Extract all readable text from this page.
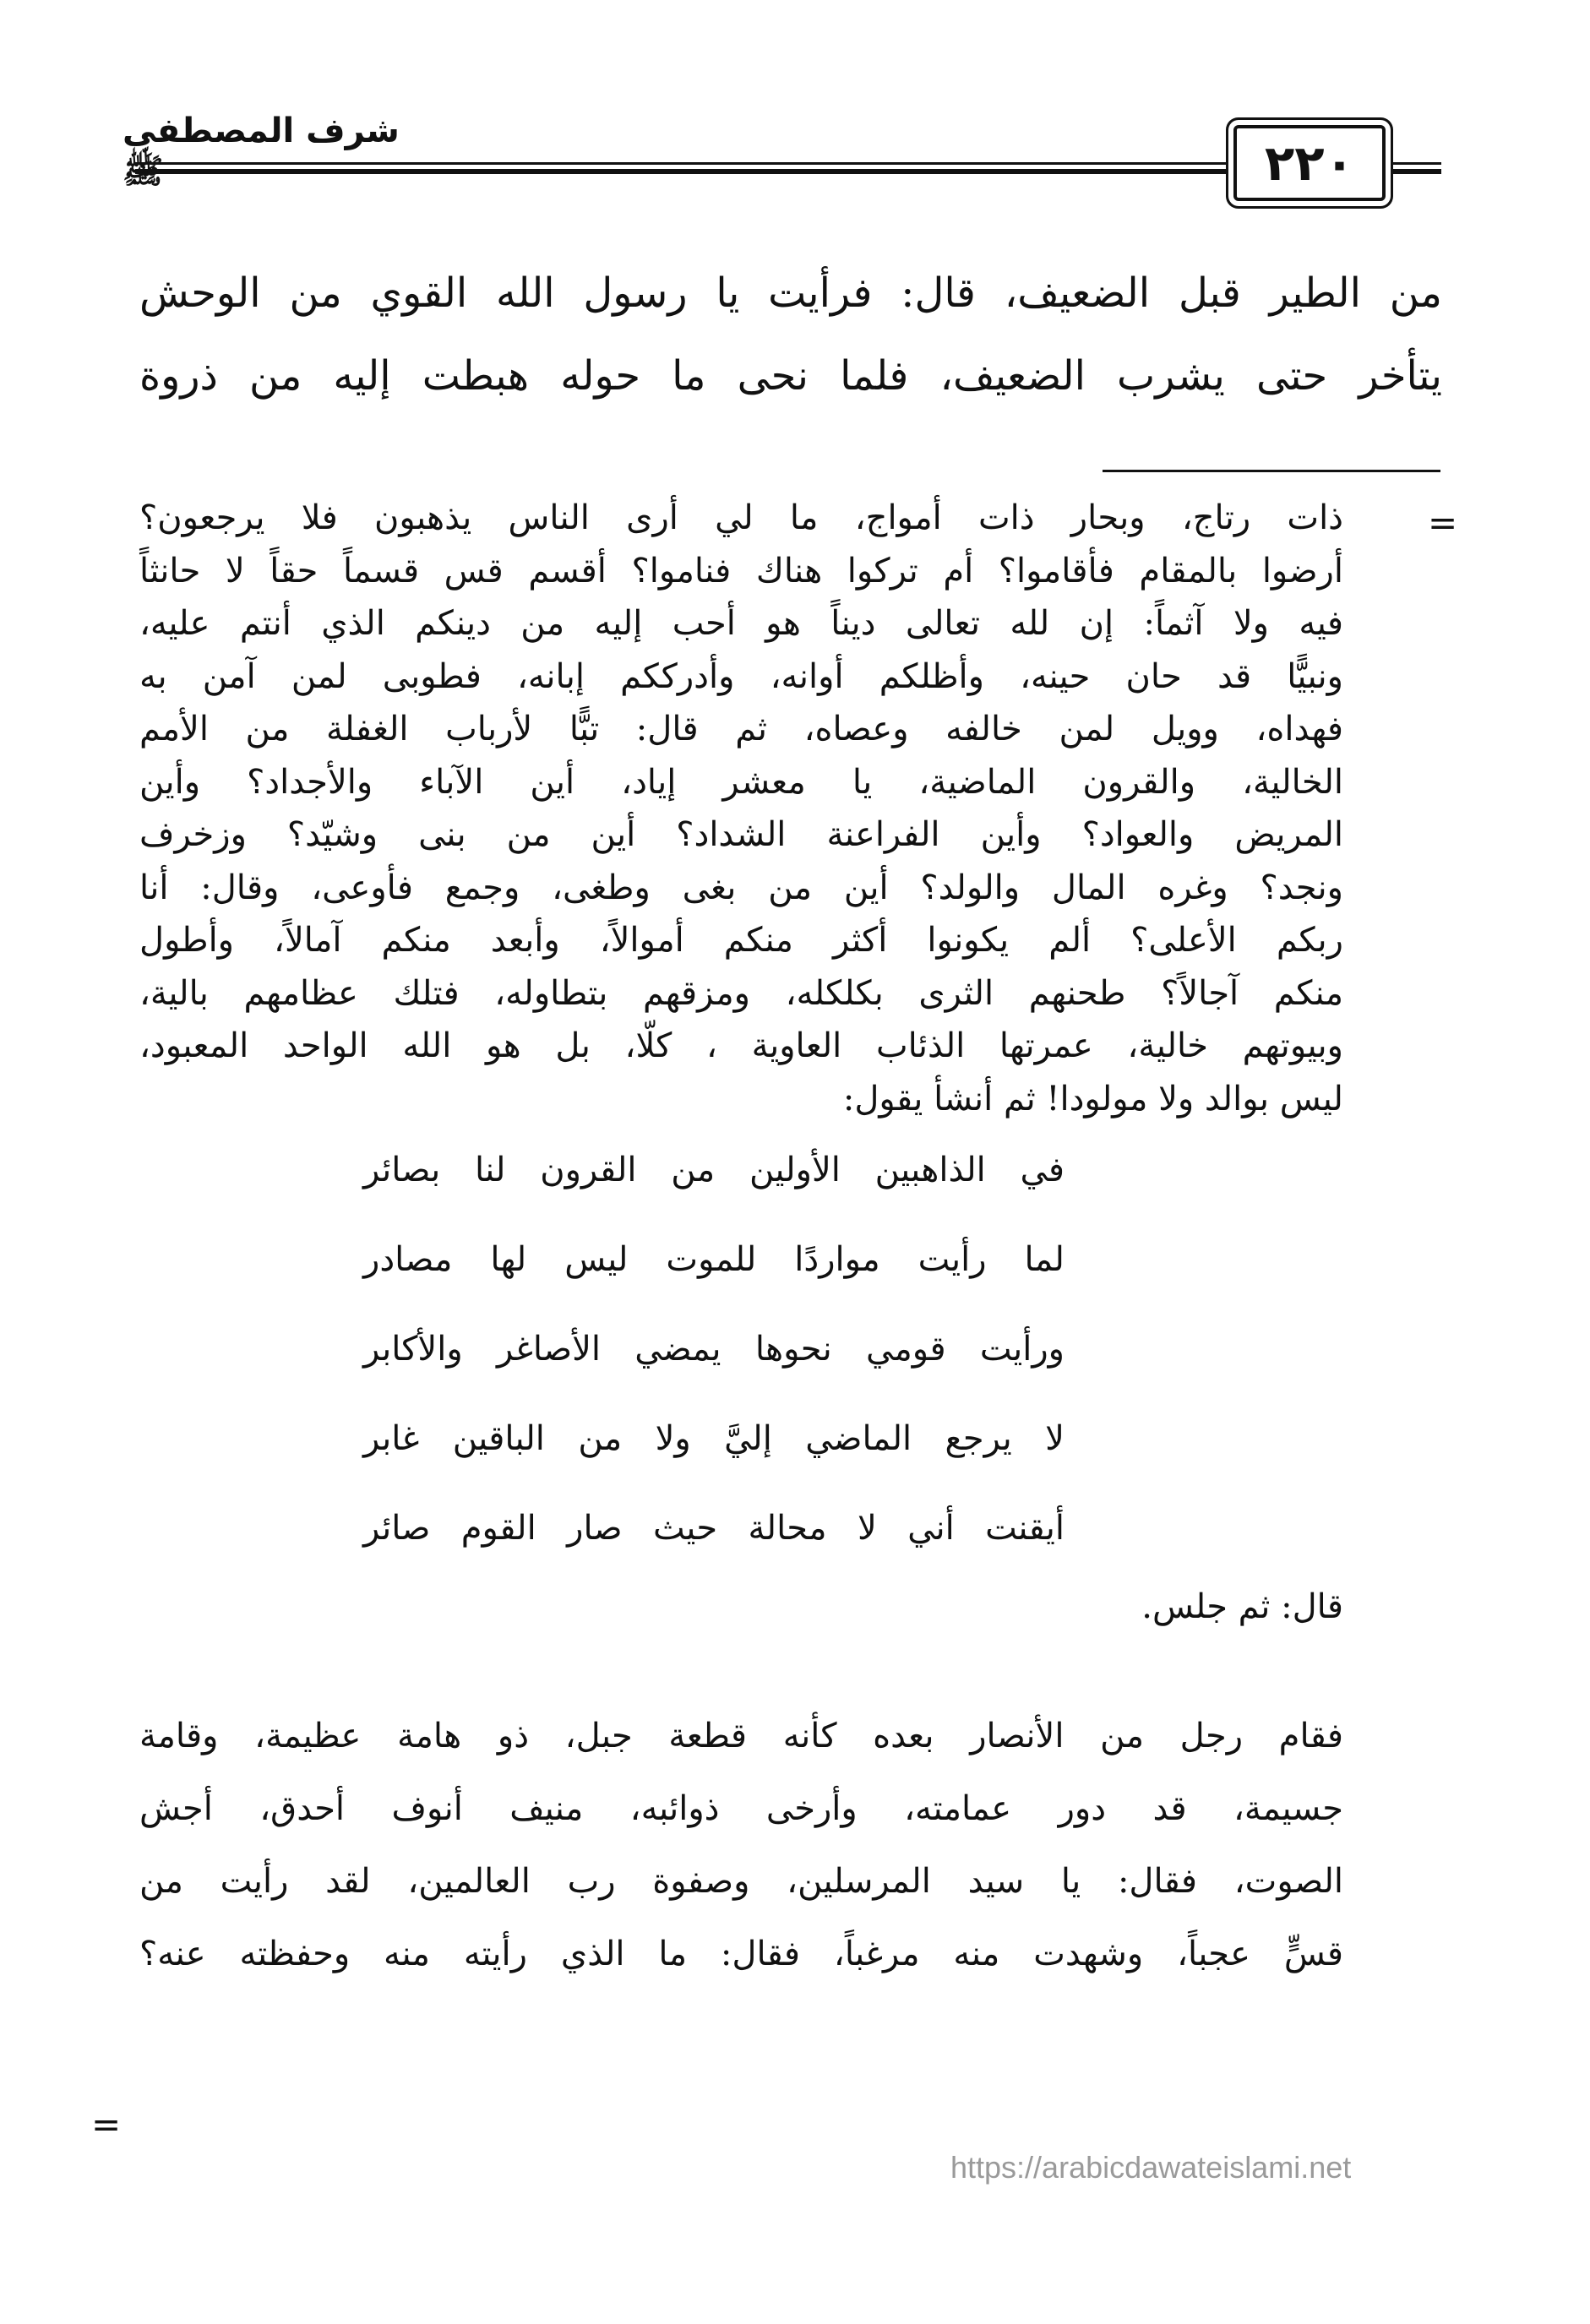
٢٢٠
شرف المصطفى ﷺ

من الطير قبل الضعيف، قال: فرأيت يا رسول الله القوي من الوحش

يتأخر حتى يشرب الضعيف، فلما نحى ما حوله هبطت إليه من ذروة

=
ذات رتاج، وبحار ذات أمواج، ما لي أرى الناس يذهبون فلا يرجعون؟
أرضوا بالمقام فأقاموا؟ أم تركوا هناك فناموا؟ أقسم قس قسماً حقاً لا حانثاً
فيه ولا آثماً: إن لله تعالى ديناً هو أحب إليه من دينكم الذي أنتم عليه،
ونبيًّا قد حان حينه، وأظلكم أوانه، وأدرككم إبانه، فطوبى لمن آمن به
فهداه، وويل لمن خالفه وعصاه، ثم قال: تبًّا لأرباب الغفلة من الأمم
الخالية، والقرون الماضية، يا معشر إياد، أين الآباء والأجداد؟ وأين
المريض والعواد؟ وأين الفراعنة الشداد؟ أين من بنى وشيّد؟ وزخرف
ونجد؟ وغره المال والولد؟ أين من بغى وطغى، وجمع فأوعى، وقال: أنا
ربكم الأعلى؟ ألم يكونوا أكثر منكم أموالاً، وأبعد منكم آمالاً، وأطول
منكم آجالاً؟ طحنهم الثرى بكلكله، ومزقهم بتطاوله، فتلك عظامهم بالية،
وبيوتهم خالية، عمرتها الذئاب العاوية ، كلّا، بل هو الله الواحد المعبود،
ليس بوالد ولا مولودا! ثم أنشأ يقول:
في الذاهبين الأولين من القرون لنا بصائر
لما رأيت مواردًا للموت ليس لها مصادر
ورأيت قومي نحوها يمضي الأصاغر والأكابر
لا يرجع الماضي إليَّ ولا من الباقين غابر
أيقنت أني لا محالة حيث صار القوم صائر
قال: ثم جلس.
فقام رجل من الأنصار بعده كأنه قطعة جبل، ذو هامة عظيمة، وقامة
جسيمة، قد دور عمامته، وأرخى ذوائبه، منيف أنوف أحدق، أجش
الصوت، فقال: يا سيد المرسلين، وصفوة رب العالمين، لقد رأيت من
قسٍّ عجباً، وشهدت منه مرغباً، فقال: ما الذي رأيته منه وحفظته عنه؟
=
https://arabicdawateislami.net
